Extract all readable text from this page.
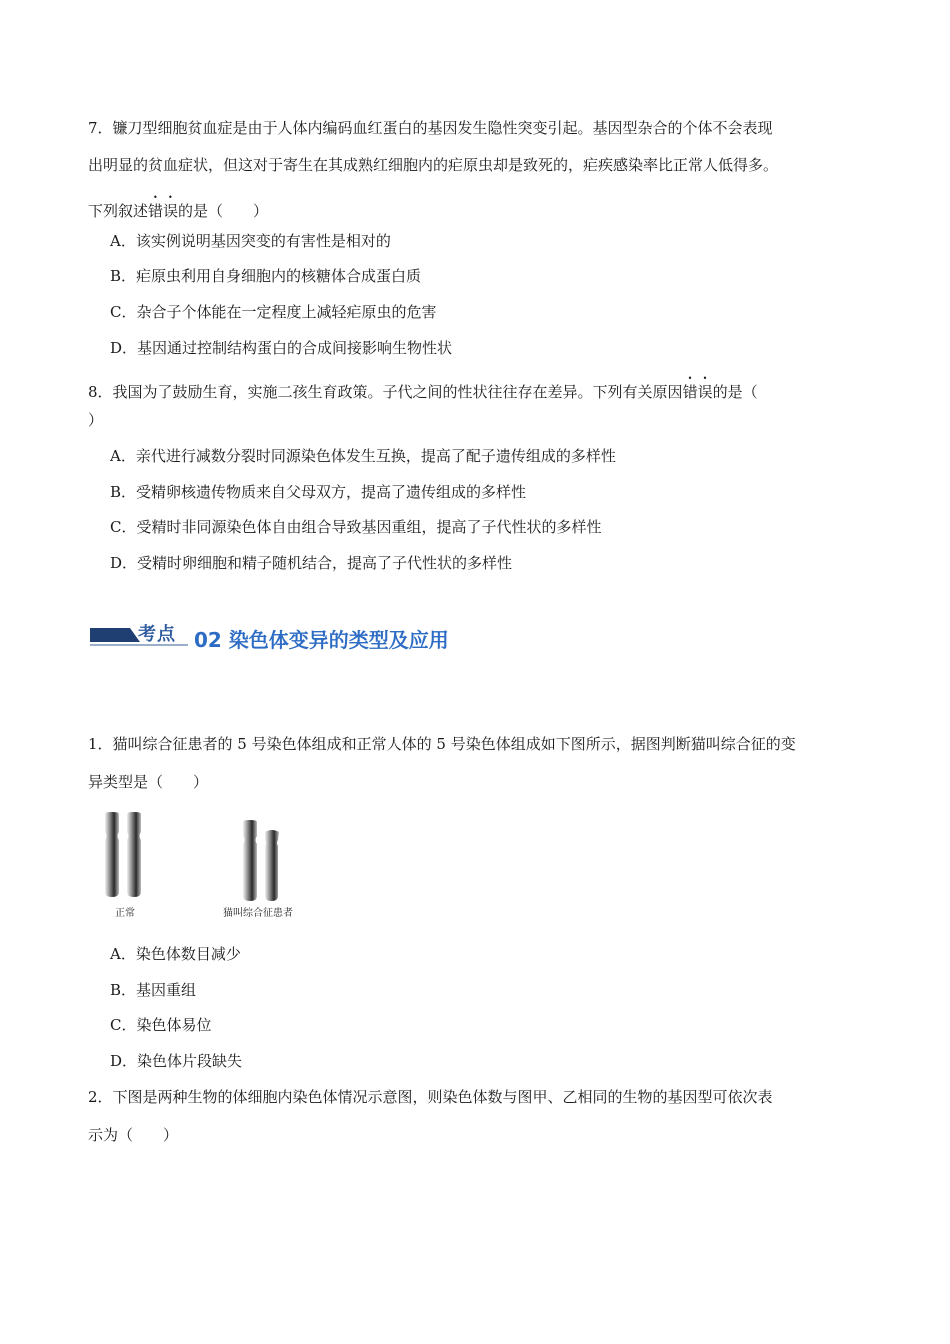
7．镰刀型细胞贫血症是由于人体内编码血红蛋白的基因发生隐性突变引起。基因型杂合的个体不会表现
出明显的贫血症状，但这对于寄生在其成熟红细胞内的疟原虫却是致死的，疟疾感染率比正常人低得多。
下列叙述错误的是（　　）
A．该实例说明基因突变的有害性是相对的
B．疟原虫利用自身细胞内的核糖体合成蛋白质
C．杂合子个体能在一定程度上减轻疟原虫的危害
D．基因通过控制结构蛋白的合成间接影响生物性状
8．我国为了鼓励生育，实施二孩生育政策。子代之间的性状往往存在差异。下列有关原因错误的是（
）
A．亲代进行减数分裂时同源染色体发生互换，提高了配子遗传组成的多样性
B．受精卵核遗传物质来自父母双方，提高了遗传组成的多样性
C．受精时非同源染色体自由组合导致基因重组，提高了子代性状的多样性
D．受精时卵细胞和精子随机结合，提高了子代性状的多样性
考点 02 染色体变异的类型及应用
1．猫叫综合征患者的 5 号染色体组成和正常人体的 5 号染色体组成如下图所示，据图判断猫叫综合征的变
异类型是（　　）
正常	猫叫综合征患者
A．染色体数目减少
B．基因重组
C．染色体易位
D．染色体片段缺失
2．下图是两种生物的体细胞内染色体情况示意图，则染色体数与图甲、乙相同的生物的基因型可依次表
示为（　　）
